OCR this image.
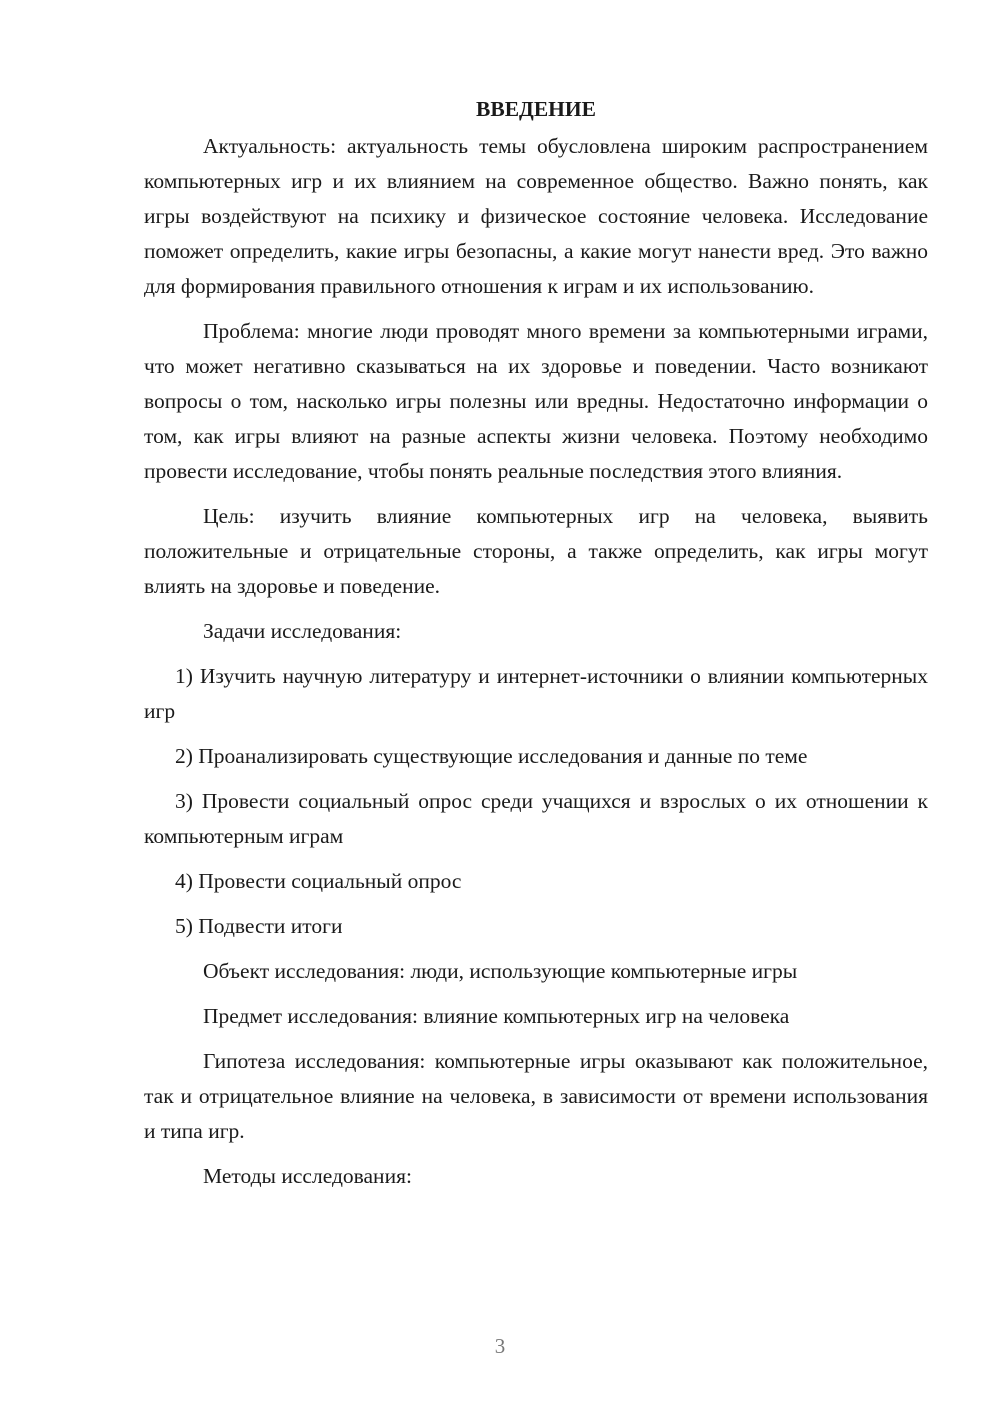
ВВЕДЕНИЕ

Актуальность: актуальность темы обусловлена широким распространением компьютерных игр и их влиянием на современное общество. Важно понять, как игры воздействуют на психику и физическое состояние человека. Исследование поможет определить, какие игры безопасны, а какие могут нанести вред. Это важно для формирования правильного отношения к играм и их использованию.

Проблема: многие люди проводят много времени за компьютерными играми, что может негативно сказываться на их здоровье и поведении. Часто возникают вопросы о том, насколько игры полезны или вредны. Недостаточно информации о том, как игры влияют на разные аспекты жизни человека. Поэтому необходимо провести исследование, чтобы понять реальные последствия этого влияния.

Цель: изучить влияние компьютерных игр на человека, выявить положительные и отрицательные стороны, а также определить, как игры могут влиять на здоровье и поведение.

Задачи исследования:

1) Изучить научную литературу и интернет-источники о влиянии компьютерных игр

2) Проанализировать существующие исследования и данные по теме

3) Провести социальный опрос среди учащихся и взрослых о их отношении к компьютерным играм

4) Провести социальный опрос

5) Подвести итоги

Объект исследования: люди, использующие компьютерные игры

Предмет исследования: влияние компьютерных игр на человека

Гипотеза исследования: компьютерные игры оказывают как положительное, так и отрицательное влияние на человека, в зависимости от времени использования и типа игр.

Методы исследования:

3
